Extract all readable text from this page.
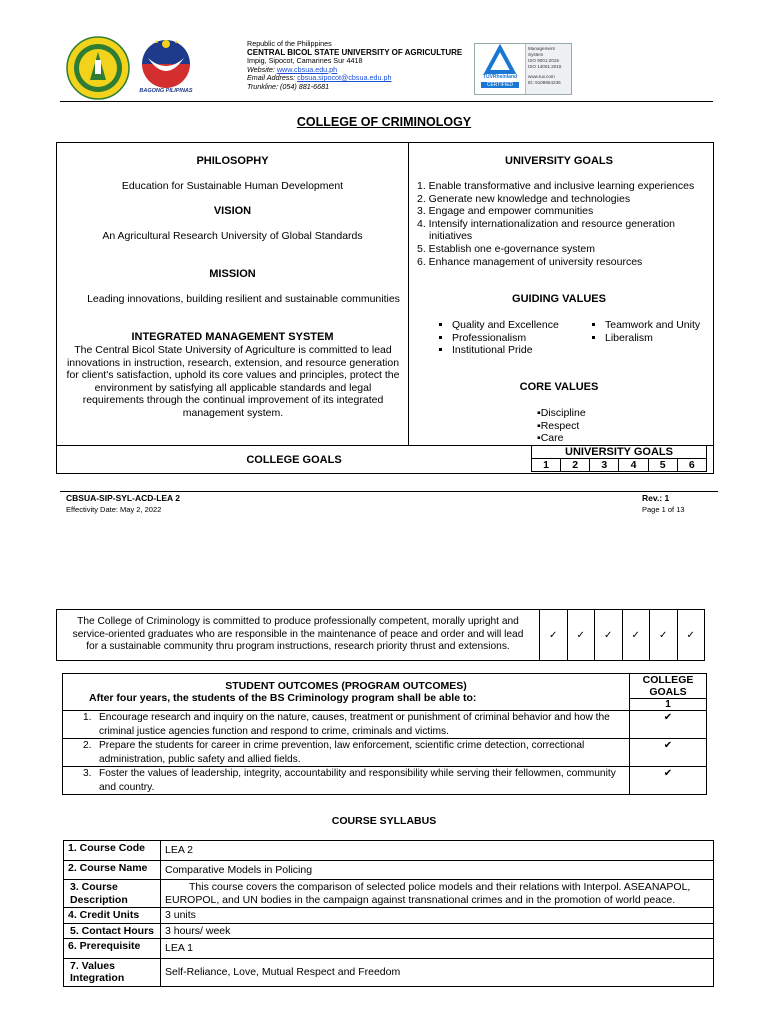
BAGONG PILIPINAS
Republic of the Philippines
CENTRAL BICOL STATE UNIVERSITY OF AGRICULTURE
Impig, Sipocot, Camarines Sur 4418
Website: www.cbsua.edu.ph
Email Address: cbsua.sipocot@cbsua.edu.ph
Trunkline: (054) 881-6681
TÜVRheinland
CERTIFIED
Management
System
ISO 9001:2015
ISO 14001:2015
www.tuv.com
ID: 9108654236
COLLEGE OF CRIMINOLOGY
PHILOSOPHY
Education for Sustainable Human Development
VISION
An Agricultural Research University of Global Standards
MISSION
Leading innovations, building resilient and sustainable communities
INTEGRATED MANAGEMENT SYSTEM
The Central Bicol State University of Agriculture is committed to lead innovations in instruction, research, extension, and resource generation for client's satisfaction, uphold its core values and principles, protect the environment by satisfying all applicable standards and legal requirements through the continual improvement of its integrated management system.
UNIVERSITY GOALS
1. Enable transformative and inclusive learning experiences
2. Generate new knowledge and technologies
3. Engage and empower communities
4. Intensify internationalization and resource generation
initiatives
5. Establish one e-governance system
6. Enhance management of university resources
GUIDING VALUES
▪ Quality and Excellence
▪ Professionalism
▪ Institutional Pride
▪ Teamwork and Unity
▪ Liberalism
CORE VALUES
▪Discipline
▪Respect
▪Care
COLLEGE GOALS
UNIVERSITY GOALS
1	2	3	4	5	6
CBSUA-SIP-SYL-ACD-LEA 2
Effectivity Date: May 2, 2022
Rev.: 1
Page 1 of 13
The College of Criminology is committed to produce professionally competent, morally upright and service-oriented graduates who are responsible in the maintenance of peace and order and will lead for a sustainable community thru program instructions, research priority thrust and extensions.	✓	✓	✓	✓	✓	✓
STUDENT OUTCOMES (PROGRAM OUTCOMES)
After four years, the students of the BS Criminology program shall be able to:	COLLEGE GOALS
	1

1. Encourage research and inquiry on the nature, causes, treatment or punishment of criminal behavior and how the criminal justice agencies function and respond to crime, criminals and victims.	✔

2. Prepare the students for career in crime prevention, law enforcement, scientific crime detection, correctional administration, public safety and allied fields.	✔

3. Foster the values of leadership, integrity, accountability and responsibility while serving their fellowmen, community and country.	✔
COURSE SYLLABUS
1. Course Code	LEA 2
2. Course Name	Comparative Models in Policing
3. Course Description	This course covers the comparison of selected police models and their relations with Interpol. ASEANAPOL, EUROPOL, and UN bodies in the campaign against transnational crimes and in the promotion of world peace.
4. Credit Units	3 units
5. Contact Hours	3 hours/ week
6. Prerequisite	LEA 1
7. Values Integration	Self-Reliance, Love, Mutual Respect and Freedom
